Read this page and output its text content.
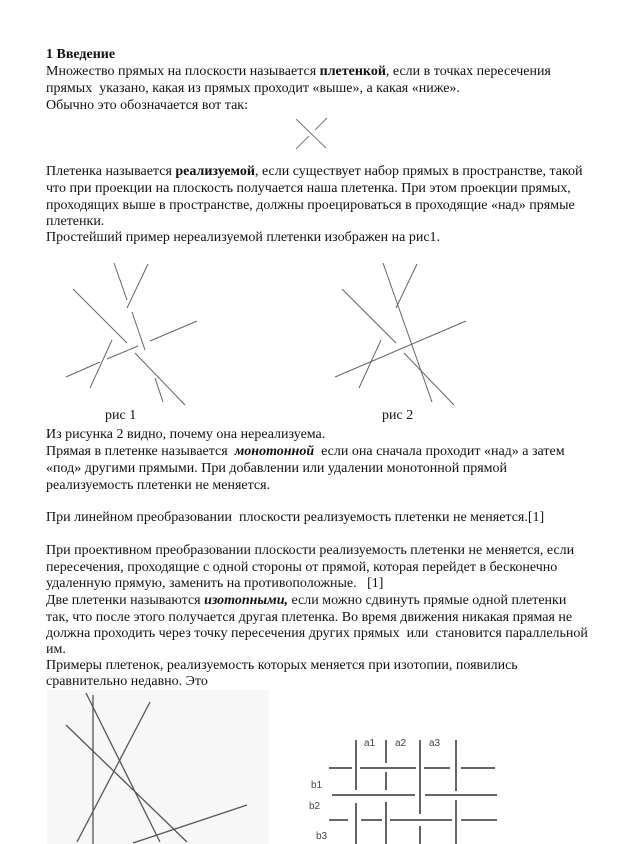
1 Введение
Множество прямых на плоскости называется плетенкой, если в точках пересечения
прямых  указано, какая из прямых проходит «выше», а какая «ниже».
Обычно это обозначается вот так:
Плетенка называется реализуемой, если существует набор прямых в пространстве, такой
что при проекции на плоскость получается наша плетенка. При этом проекции прямых,
проходящих выше в пространстве, должны проецироваться в проходящие «над» прямые
плетенки.
Простейший пример нереализуемой плетенки изображен на рис1.
Из рисунка 2 видно, почему она нереализуема.
Прямая в плетенке называется  монотонной  если она сначала проходит «над» а затем
«под» другими прямыми. При добавлении или удалении монотонной прямой
реализуемость плетенки не меняется.
При линейном преобразовании  плоскости реализуемость плетенки не меняется.[1]
При проективном преобразовании плоскости реализуемость плетенки не меняется, если
пересечения, проходящие с одной стороны от прямой, которая перейдет в бесконечно
удаленную прямую, заменить на противоположные.   [1]
Две плетенки называются изотопными, если можно сдвинуть прямые одной плетенки
так, что после этого получается другая плетенка. Во время движения никакая прямая не
должна проходить через точку пересечения других прямых  или  становится параллельной
им.
Примеры плетенок, реализуемость которых меняется при изотопии, появились
сравнительно недавно. Это
рис 1	рис 2
a1 a2 a3
b1
b2
b3
